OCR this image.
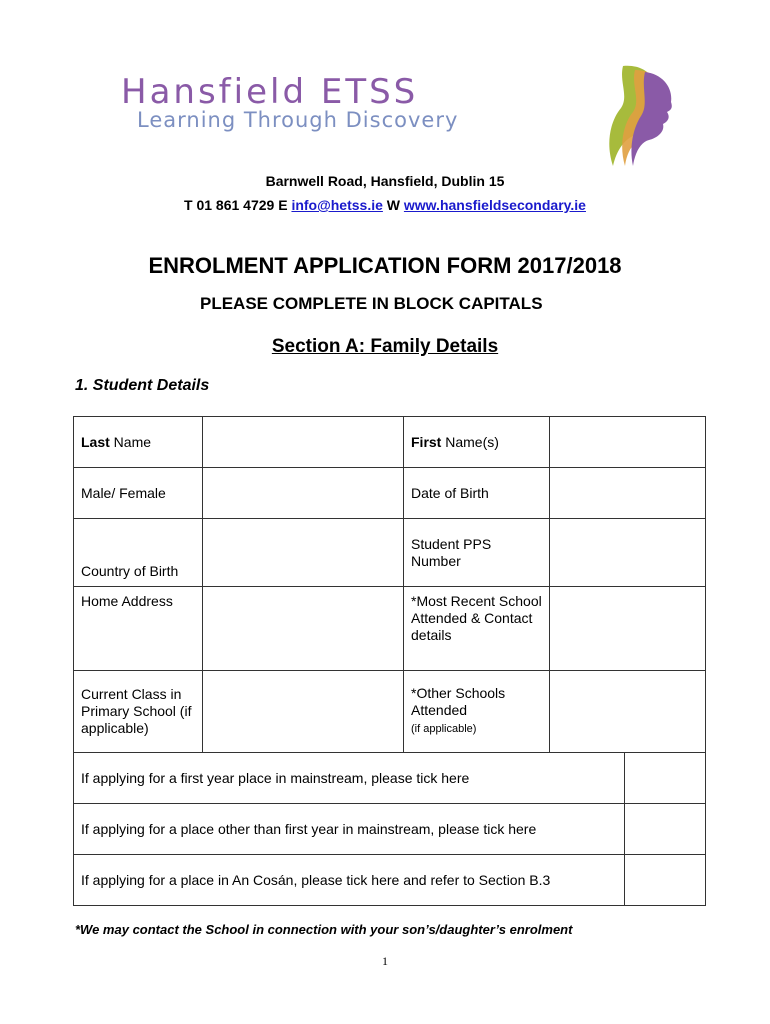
Hansfield ETSS
Learning Through Discovery
Barnwell Road, Hansfield, Dublin 15
T 01 861 4729 E info@hetss.ie W www.hansfieldsecondary.ie
ENROLMENT APPLICATION FORM 2017/2018
PLEASE COMPLETE IN BLOCK CAPITALS
Section A: Family Details
1. Student Details
Last Name		First Name(s)		
Male/ Female		Date of Birth		
Country of Birth		Student PPS Number		
Home Address		*Most Recent School Attended & Contact details		
Current Class in Primary School (if applicable)		*Other Schools Attended
(if applicable)		
If applying for a first year place in mainstream, please tick here				
If applying for a place other than first year in mainstream, please tick here				
If applying for a place in An Cosán, please tick here and refer to Section B.3				
*We may contact the School in connection with your son’s/daughter’s enrolment
1
